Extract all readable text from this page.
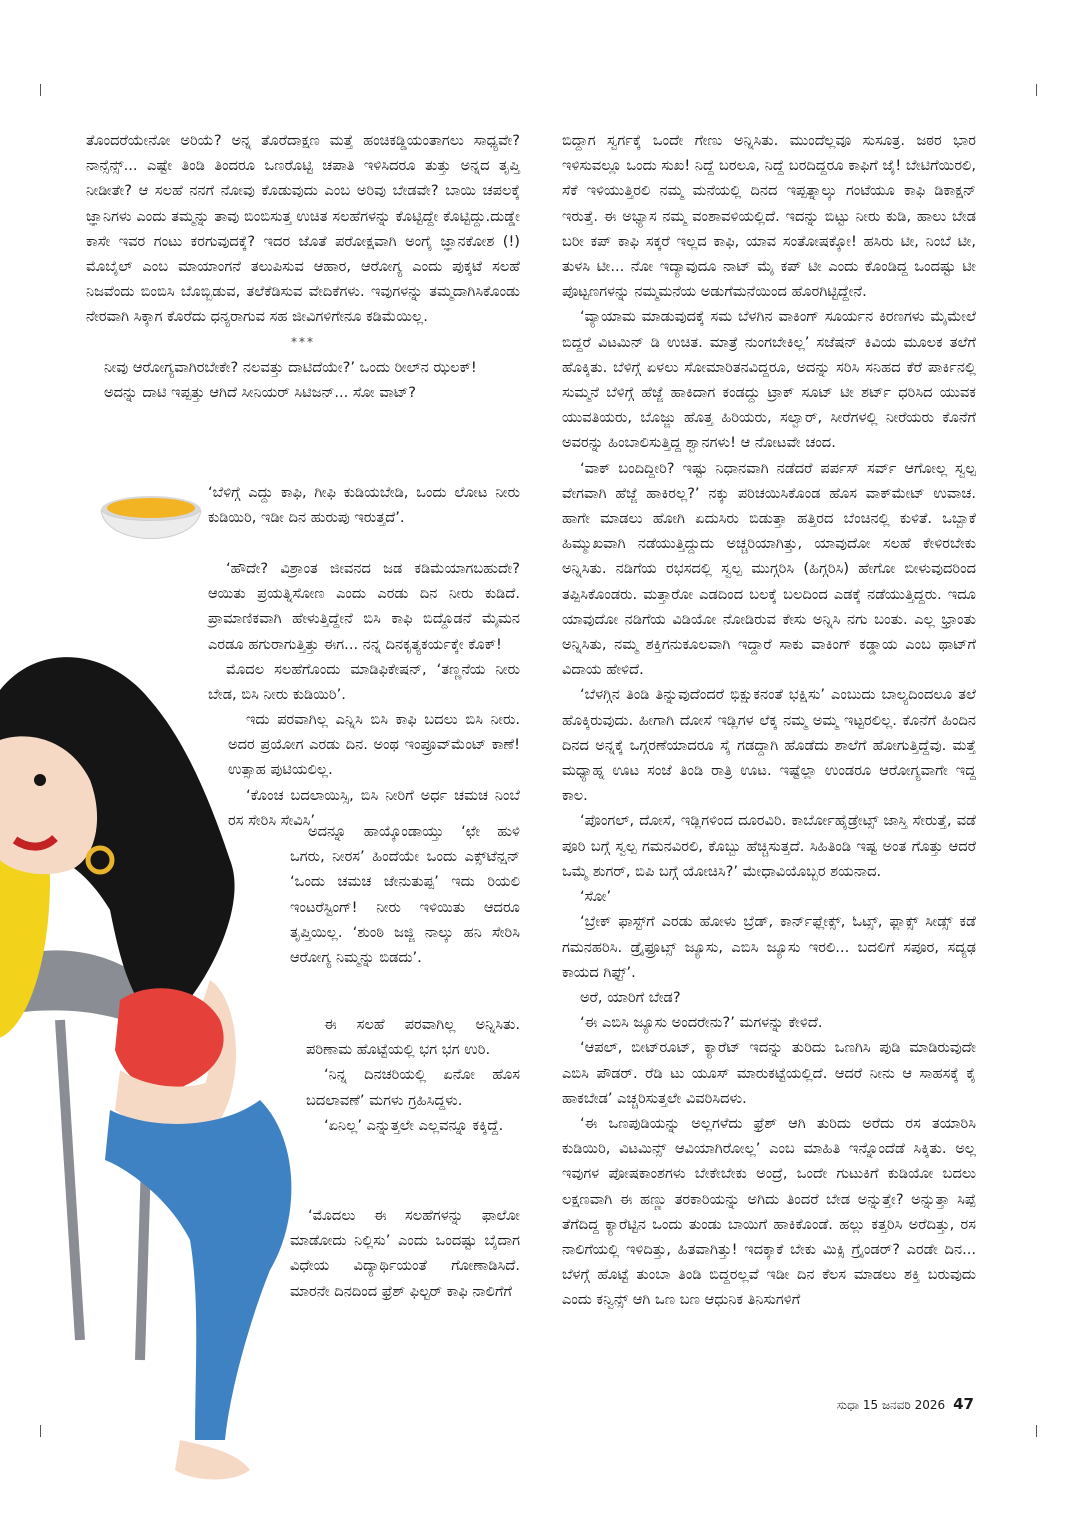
ತೊಂದರೆಯೇನೋ ಅರಿಯೆ? ಅನ್ನ ತೊರೆದಾಕ್ಷಣ ಮತ್ತೆ ಹಂಚಿಕಡ್ಡಿಯಂತಾಗಲು ಸಾಧ್ಯವೇ? ನಾನ್ಸೆನ್ಸ್... ಎಷ್ಟೇ ತಿಂಡಿ ತಿಂದರೂ ಒಣರೊಟ್ಟಿ ಚಪಾತಿ ಇಳಿಸಿದರೂ ತುತ್ತು ಅನ್ನದ ತೃಪ್ತಿ ನೀಡೀತೇ? ಆ ಸಲಹೆ ನನಗೆ ನೋವು ಕೊಡುವುದು ಎಂಬ ಅರಿವು ಬೇಡವೇ? ಬಾಯಿ ಚಪಲಕ್ಕೆ ಜ್ಞಾನಿಗಳು ಎಂದು ತಮ್ಮನ್ನು ತಾವು ಬಿಂಬಿಸುತ್ತ ಉಚಿತ ಸಲಹೆಗಳನ್ನು ಕೊಟ್ಟಿದ್ದೇ ಕೊಟ್ಟಿದ್ದು.ದುಡ್ಡೇ ಕಾಸೇ ಇವರ ಗಂಟು ಕರಗುವುದಕ್ಕೆ? ಇದರ ಜೊತೆ ಪರೋಕ್ಷವಾಗಿ ಅಂಗೈ ಜ್ಞಾನಕೋಶ (!) ಮೊಬೈಲ್ ಎಂಬ ಮಾಯಾಂಗನೆ ತಲುಪಿಸುವ ಆಹಾರ, ಆರೋಗ್ಯ ಎಂದು ಪುಕ್ಕಟೆ ಸಲಹೆ ನಿಜವೆಂದು ಬಿಂಬಿಸಿ ಬೊಬ್ಬಿಡುವ, ತಲೆಕೆಡಿಸುವ ವೇದಿಕೆಗಳು. ಇವುಗಳನ್ನು ತಮ್ಮದಾಗಿಸಿಕೊಂಡು ನೇರವಾಗಿ ಸಿಕ್ಕಾಗ ಕೊರೆದು ಧನ್ಯರಾಗುವ ಸಹ ಜೀವಿಗಳಿಗೇನೂ ಕಡಿಮೆಯಿಲ್ಲ.

***

ನೀವು ಆರೋಗ್ಯವಾಗಿರಬೇಕೇ? ನಲವತ್ತು ದಾಟಿದೆಯೇ?’ ಒಂದು ರೀಲ್‌ನ ಝಲಕ್!

ಅದನ್ನು ದಾಟಿ ಇಪ್ಪತ್ತು ಆಗಿದೆ ಸೀನಿಯರ್ ಸಿಟಿಜನ್... ಸೋ ವಾಟ್?

‘ಬೆಳಿಗ್ಗೆ ಎದ್ದು ಕಾಫಿ, ಗೀಫಿ ಕುಡಿಯಬೇಡಿ, ಒಂದು ಲೋಟ ನೀರು ಕುಡಿಯಿರಿ, ಇಡೀ ದಿನ ಹುರುಪು ಇರುತ್ತದೆ’.

‘ಹೌದೇ? ವಿಶ್ರಾಂತ ಜೀವನದ ಜಡ ಕಡಿಮೆಯಾಗಬಹುದೇ? ಆಯಿತು ಪ್ರಯತ್ನಿಸೋಣ ಎಂದು ಎರಡು ದಿನ ನೀರು ಕುಡಿದೆ. ಪ್ರಾಮಾಣಿಕವಾಗಿ ಹೇಳುತ್ತಿದ್ದೇನೆ ಬಿಸಿ ಕಾಫಿ ಬಿದ್ದೊಡನೆ ಮೈಮನ ಎರಡೂ ಹಗುರಾಗುತ್ತಿತ್ತು ಈಗ... ನನ್ನ ದಿನಕೃತ್ಯಕರ್ಯಕ್ಕೇ ಕೊಕ್!

ಮೊದಲ ಸಲಹೆಗೊಂದು ಮಾಡಿಫಿಕೇಷನ್, ‘ತಣ್ಣನೆಯ ನೀರು ಬೇಡ, ಬಿಸಿ ನೀರು ಕುಡಿಯಿರಿ’.

ಇದು ಪರವಾಗಿಲ್ಲ ಎನ್ನಿಸಿ ಬಿಸಿ ಕಾಫಿ ಬದಲು ಬಿಸಿ ನೀರು. ಅದರ ಪ್ರಯೋಗ ಎರಡು ದಿನ. ಅಂಥ ಇಂಪ್ರೂವ್‌ಮೆಂಟ್ ಕಾಣೆ! ಉತ್ಸಾಹ ಪುಟಿಯಲಿಲ್ಲ.

‘ಕೊಂಚ ಬದಲಾಯಿಸ್ಸಿ, ಬಿಸಿ ನೀರಿಗೆ ಅರ್ಧ ಚಮಚ ನಿಂಬೆ ರಸ ಸೇರಿಸಿ ಸೇವಿಸಿ’

ಅದನ್ನೂ ಹಾಯ್ಕೊಂಡಾಯ್ತು ‘ಛೇ ಹುಳಿ ಒಗರು, ನೀರಸ’ ಹಿಂದೆಯೇ ಒಂದು ಎಕ್ಸ್‌ಟೆನ್ಷನ್ ‘ಒಂದು ಚಮಚ ಜೇನುತುಪ್ಪ’ ಇದು ರಿಯಲಿ ಇಂಟರೆಸ್ಟಿಂಗ್! ನೀರು ಇಳಿಯಿತು ಆದರೂ ತೃಪ್ತಿಯಿಲ್ಲ. ‘ಶುಂಠಿ ಜಜ್ಜಿ ನಾಲ್ಕು ಹನಿ ಸೇರಿಸಿ ಆರೋಗ್ಯ ನಿಮ್ಮನ್ನು ಬಿಡದು’.

ಈ ಸಲಹೆ ಪರವಾಗಿಲ್ಲ ಅನ್ನಿಸಿತು. ಪರಿಣಾಮ ಹೊಟ್ಟೆಯಲ್ಲಿ ಭಗ ಭಗ ಉರಿ.

‘ನಿನ್ನ ದಿನಚರಿಯಲ್ಲಿ ಏನೋ ಹೊಸ ಬದಲಾವಣೆ’ ಮಗಳು ಗ್ರಹಿಸಿದ್ದಳು.

‘ಏನಿಲ್ಲ’ ಎನ್ನುತ್ತಲೇ ಎಲ್ಲವನ್ನೂ ಕಕ್ಕಿದ್ದೆ.

‘ಮೊದಲು ಈ ಸಲಹೆಗಳನ್ನು ಫಾಲೋ ಮಾಡೋದು ನಿಲ್ಲಿಸು’ ಎಂದು ಒಂದಷ್ಟು ಬೈದಾಗ ವಿಧೇಯ ವಿದ್ಯಾರ್ಥಿಯಂತೆ ಗೋಣಾಡಿಸಿದೆ. ಮಾರನೇ ದಿನದಿಂದ ಫ್ರೆಶ್ ಫಿಲ್ಟರ್ ಕಾಫಿ ನಾಲಿಗೆಗೆ

ಬಿದ್ದಾಗ ಸ್ವರ್ಗಕ್ಕೆ ಒಂದೇ ಗೇಣು ಅನ್ನಿಸಿತು. ಮುಂದೆಲ್ಲವೂ ಸುಸೂತ್ರ. ಜಠರ ಭಾರ ಇಳಿಸುವಲ್ಲೂ ಒಂದು ಸುಖ! ನಿದ್ದೆ ಬರಲೂ, ನಿದ್ದೆ ಬರದಿದ್ದರೂ ಕಾಫಿಗೆ ಜೈ! ಬೇಟಿಗೆಯಿರಲಿ, ಸೆಕೆ ಇಳಿಯುತ್ತಿರಲಿ ನಮ್ಮ ಮನೆಯಲ್ಲಿ ದಿನದ ಇಪ್ಪತ್ನಾಲ್ಕು ಗಂಟೆಯೂ ಕಾಫಿ ಡಿಕಾಕ್ಷನ್ ಇರುತ್ತೆ. ಈ ಅಭ್ಯಾಸ ನಮ್ಮ ವಂಶಾವಳಿಯಲ್ಲಿದೆ. ಇದನ್ನು ಬಿಟ್ಟು ನೀರು ಕುಡಿ, ಹಾಲು ಬೇಡ ಬರೀ ಕಪ್ ಕಾಫಿ ಸಕ್ಕರೆ ಇಲ್ಲದ ಕಾಫಿ, ಯಾವ ಸಂತೋಷಕ್ಕೋ! ಹಸಿರು ಟೀ, ನಿಂಬೆ ಟೀ, ತುಳಸಿ ಟೀ... ನೋ ಇದ್ಯಾವುದೂ ನಾಟ್ ಮೈ ಕಪ್ ಟೀ ಎಂದು ಕೊಂಡಿದ್ದ ಒಂದಷ್ಟು ಟೀ ಪೊಟ್ಟಣಗಳನ್ನು ನಮ್ಮಮನೆಯ ಅಡುಗೆಮನೆಯಿಂದ ಹೊರಗಿಟ್ಟಿದ್ದೇನೆ.

‘ವ್ಯಾಯಾಮ ಮಾಡುವುದಕ್ಕೆ ಸಮ ಬೆಳಗಿನ ವಾಕಿಂಗ್ ಸೂರ್ಯನ ಕಿರಣಗಳು ಮೈಮೇಲೆ ಬಿದ್ದರೆ ವಿಟಮಿನ್ ಡಿ ಉಚಿತ. ಮಾತ್ರೆ ನುಂಗಬೇಕಿಲ್ಲ’ ಸಜೆಷನ್ ಕಿವಿಯ ಮೂಲಕ ತಲೆಗೆ ಹೊಕ್ಕಿತು. ಬೆಳಿಗ್ಗೆ ಏಳಲು ಸೋಮಾರಿತನವಿದ್ದರೂ, ಅದನ್ನು ಸರಿಸಿ ಸನಿಹದ ಕೆರೆ ಪಾರ್ಕಿನಲ್ಲಿ ಸುಮ್ಮನೆ ಬೆಳಿಗ್ಗೆ ಹೆಜ್ಜೆ ಹಾಕಿದಾಗ ಕಂಡದ್ದು ಟ್ರಾಕ್ ಸೂಟ್ ಟೀ ಶರ್ಟ್ ಧರಿಸಿದ ಯುವಕ ಯುವತಿಯರು, ಬೊಜ್ಜು ಹೊತ್ತ ಹಿರಿಯರು, ಸಲ್ವಾರ್, ಸೀರೆಗಳಲ್ಲಿ ನೀರೆಯರು ಕೊನೆಗೆ ಅವರನ್ನು ಹಿಂಬಾಲಿಸುತ್ತಿದ್ದ ಶ್ವಾನಗಳು! ಆ ನೋಟವೇ ಚಂದ.

‘ವಾಕ್ ಬಂದಿದ್ದೀರಿ? ಇಷ್ಟು ನಿಧಾನವಾಗಿ ನಡೆದರೆ ಪರ್ಪಸ್ ಸರ್ವ್ ಆಗೋಲ್ಲ ಸ್ವಲ್ಪ ವೇಗವಾಗಿ ಹೆಜ್ಜೆ ಹಾಕಿರಲ್ಲ?’ ನಕ್ಕು ಪರಿಚಯಿಸಿಕೊಂಡ ಹೊಸ ವಾಕ್‌ಮೇಟ್ ಉವಾಚ. ಹಾಗೇ ಮಾಡಲು ಹೋಗಿ ಏದುಸಿರು ಬಿಡುತ್ತಾ ಹತ್ತಿರದ ಬೆಂಚಿನಲ್ಲಿ ಕುಳಿತೆ. ಒಬ್ಬಾಕೆ ಹಿಮ್ಮುಖವಾಗಿ ನಡೆಯುತ್ತಿದ್ದುದು ಅಚ್ಚರಿಯಾಗಿತ್ತು, ಯಾವುದೋ ಸಲಹೆ ಕೇಳಿರಬೇಕು ಅನ್ನಿಸಿತು. ನಡಿಗೆಯ ರಭಸದಲ್ಲಿ ಸ್ವಲ್ಪ ಮುಗ್ಗರಿಸಿ (ಹಿಗ್ಗರಿಸಿ) ಹೇಗೋ ಬೀಳುವುದರಿಂದ ತಪ್ಪಿಸಿಕೊಂಡರು. ಮತ್ತಾರೋ ಎಡದಿಂದ ಬಲಕ್ಕೆ ಬಲದಿಂದ ಎಡಕ್ಕೆ ನಡೆಯುತ್ತಿದ್ದರು. ಇದೂ ಯಾವುದೋ ನಡಿಗೆಯ ವಿಡಿಯೋ ನೋಡಿರುವ ಕೇಸು ಅನ್ನಿಸಿ ನಗು ಬಂತು. ಎಲ್ಲ ಭ್ರಾಂತು ಅನ್ನಿಸಿತು, ನಮ್ಮ ಶಕ್ತಿಗನುಕೂಲವಾಗಿ ಇದ್ದಾರೆ ಸಾಕು ವಾಕಿಂಗ್ ಕಡ್ಡಾಯ ಎಂಬ ಥಾಟ್‌ಗೆ ವಿದಾಯ ಹೇಳಿದೆ.

‘ಬೆಳಗ್ಗಿನ ತಿಂಡಿ ತಿನ್ನುವುದೆಂದರೆ ಭಿಕ್ಷುಕನಂತೆ ಭಕ್ಷಿಸು’ ಎಂಬುದು ಬಾಲ್ಯದಿಂದಲೂ ತಲೆ ಹೊಕ್ಕಿರುವುದು. ಹೀಗಾಗಿ ದೋಸೆ ಇಡ್ಲಿಗಳ ಲೆಕ್ಕ ನಮ್ಮ ಅಮ್ಮ ಇಟ್ಟರಲಿಲ್ಲ. ಕೊನೆಗೆ ಹಿಂದಿನ ದಿನದ ಅನ್ನಕ್ಕೆ ಒಗ್ಗರಣೆಯಾದರೂ ಸೈ ಗಡದ್ದಾಗಿ ಹೊಡೆದು ಶಾಲೆಗೆ ಹೋಗುತ್ತಿದ್ದೆವು. ಮತ್ತೆ ಮಧ್ಯಾಹ್ನ ಊಟ ಸಂಜೆ ತಿಂಡಿ ರಾತ್ರಿ ಊಟ. ಇಷ್ಟೆಲ್ಲಾ ಉಂಡರೂ ಆರೋಗ್ಯವಾಗೇ ಇದ್ದ ಕಾಲ.

‘ಪೊಂಗಲ್, ದೋಸೆ, ಇಡ್ಲಿಗಳಿಂದ ದೂರವಿರಿ. ಕಾರ್ಬೋಹೈಡ್ರೇಟ್ಸ್ ಜಾಸ್ತಿ ಸೇರುತ್ತೆ, ವಡೆ ಪೂರಿ ಬಗ್ಗೆ ಸ್ವಲ್ಪ ಗಮನವಿರಲಿ, ಕೊಬ್ಬು ಹೆಚ್ಚಿಸುತ್ತದೆ. ಸಿಹಿತಿಂಡಿ ಇಷ್ಟ ಅಂತ ಗೊತ್ತು ಆದರೆ ಒಮ್ಮೆ ಶುಗರ್, ಬಿಪಿ ಬಗ್ಗೆ ಯೋಚಿಸಿ?’ ಮೇಧಾವಿಯೊಬ್ಬರ ಶಯನಾದ.

‘ಸೋ’

‘ಬ್ರೇಕ್ ಫಾಸ್ಟ್‌ಗೆ ಎರಡು ಹೋಳು ಬ್ರೆಡ್, ಕಾರ್ನ್‌ಫ್ಲೇಕ್ಸ್, ಓಟ್ಸ್, ಫ್ಲಾಕ್ಸ್ ಸೀಡ್ಸ್ ಕಡೆ ಗಮನಹರಿಸಿ. ಡ್ರೈಫ್ರೂಟ್ಸ್ ಜ್ಯೂಸು, ಎಬಿಸಿ ಜ್ಯೂಸು ಇರಲಿ... ಬದಲಿಗೆ ಸಪೂರ, ಸದ್ಯಢ ಕಾಯದ ಗಿಫ್ಟ್’.

ಅರೆ, ಯಾರಿಗೆ ಬೇಡ?

‘ಈ ಎಬಿಸಿ ಜ್ಯೂಸು ಅಂದರೇನು?’ ಮಗಳನ್ನು ಕೇಳಿದೆ.

‘ಆಪಲ್, ಬೀಟ್‌ರೂಟ್, ಕ್ಯಾರೆಟ್ ಇದನ್ನು ತುರಿದು ಒಣಗಿಸಿ ಪುಡಿ ಮಾಡಿರುವುದೇ ಎಬಿಸಿ ಪೌಡರ್. ರೆಡಿ ಟು ಯೂಸ್ ಮಾರುಕಟ್ಟೆಯಲ್ಲಿದೆ. ಆದರೆ ನೀನು ಆ ಸಾಹಸಕ್ಕೆ ಕೈ ಹಾಕಬೇಡ’ ಎಚ್ಚರಿಸುತ್ತಲೇ ವಿವರಿಸಿದಳು.

‘ಈ ಒಣಪುಡಿಯನ್ನು ಅಲ್ಲಗಳೆದು ಫ್ರೆಶ್ ಆಗಿ ತುರಿದು ಅರೆದು ರಸ ತಯಾರಿಸಿ ಕುಡಿಯಿರಿ, ವಿಟಮಿನ್ಸ್ ಆವಿಯಾಗಿರೋಲ್ಲ’ ಎಂಬ ಮಾಹಿತಿ ಇನ್ನೊಂದೆಡೆ ಸಿಕ್ಕಿತು. ಅಲ್ಲ ಇವುಗಳ ಪೋಷಕಾಂಶಗಳು ಬೇಕೇಬೇಕು ಅಂದ್ರೆ, ಒಂದೇ ಗುಟುಕಿಗೆ ಕುಡಿಯೋ ಬದಲು ಲಕ್ಷಣವಾಗಿ ಈ ಹಣ್ಣು ತರಕಾರಿಯನ್ನು ಅಗಿದು ತಿಂದರೆ ಬೇಡ ಅನ್ನುತ್ತೇ? ಅನ್ನುತ್ತಾ ಸಿಪ್ಪೆ ತೆಗೆದಿದ್ದ ಕ್ಯಾರೆಟ್ಟಿನ ಒಂದು ತುಂಡು ಬಾಯಿಗೆ ಹಾಕಿಕೊಂಡೆ. ಹಲ್ಲು ಕತ್ತರಿಸಿ ಅರೆದಿತ್ತು, ರಸ ನಾಲಿಗೆಯಲ್ಲಿ ಇಳಿದಿತ್ತು, ಹಿತವಾಗಿತ್ತು! ಇದಕ್ಕಾಕೆ ಬೇಕು ಮಿಕ್ಸಿ ಗ್ರೈಂಡರ್? ಎರಡೇ ದಿನ... ಬೆಳಗ್ಗೆ ಹೊಟ್ಟೆ ತುಂಬಾ ತಿಂಡಿ ಬಿದ್ದರಲ್ಲವೆ ಇಡೀ ದಿನ ಕೆಲಸ ಮಾಡಲು ಶಕ್ತಿ ಬರುವುದು ಎಂದು ಕನ್ವಿನ್ಸ್ ಆಗಿ ಒಣ ಬಣ ಆಧುನಿಕ ತಿನಿಸುಗಳಿಗೆ

ಸುಧಾ 15 ಜನವರಿ 2026 47
